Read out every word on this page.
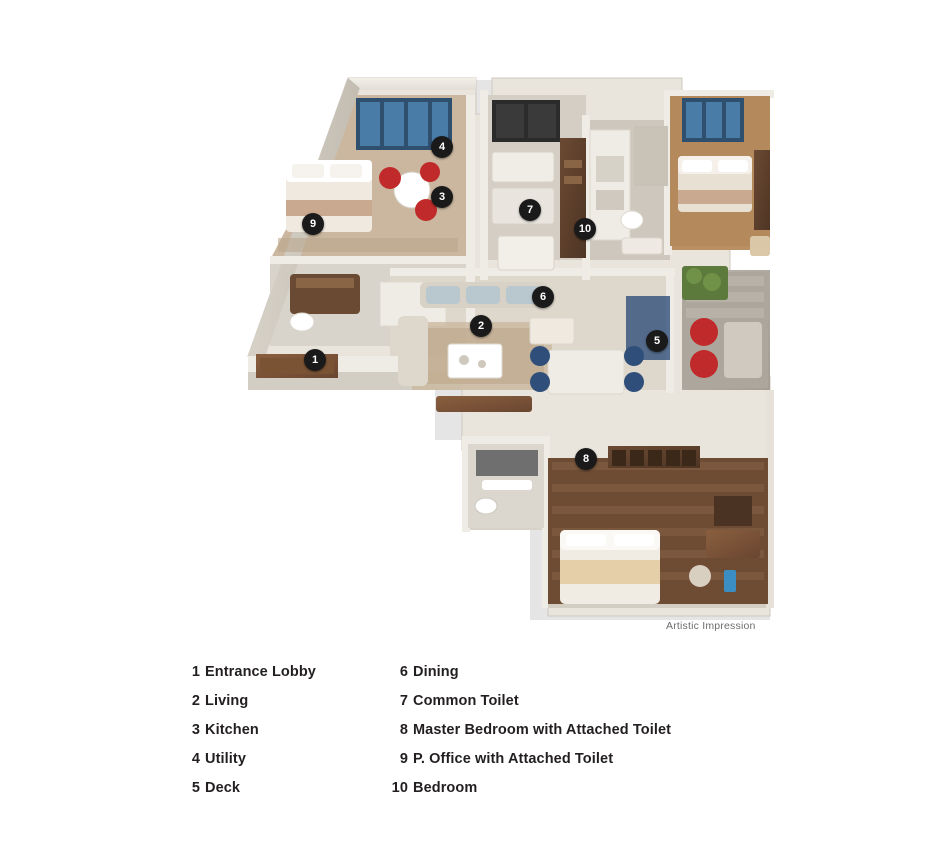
1
2
3
4
5
6
7
8
9	10
Artistic Impression
1 Entrance Lobby
2 Living
3 Kitchen
4 Utility
5 Deck
6 Dining
7 Common Toilet
8 Master Bedroom with Attached Toilet
9 P. Office with Attached Toilet
10 Bedroom
